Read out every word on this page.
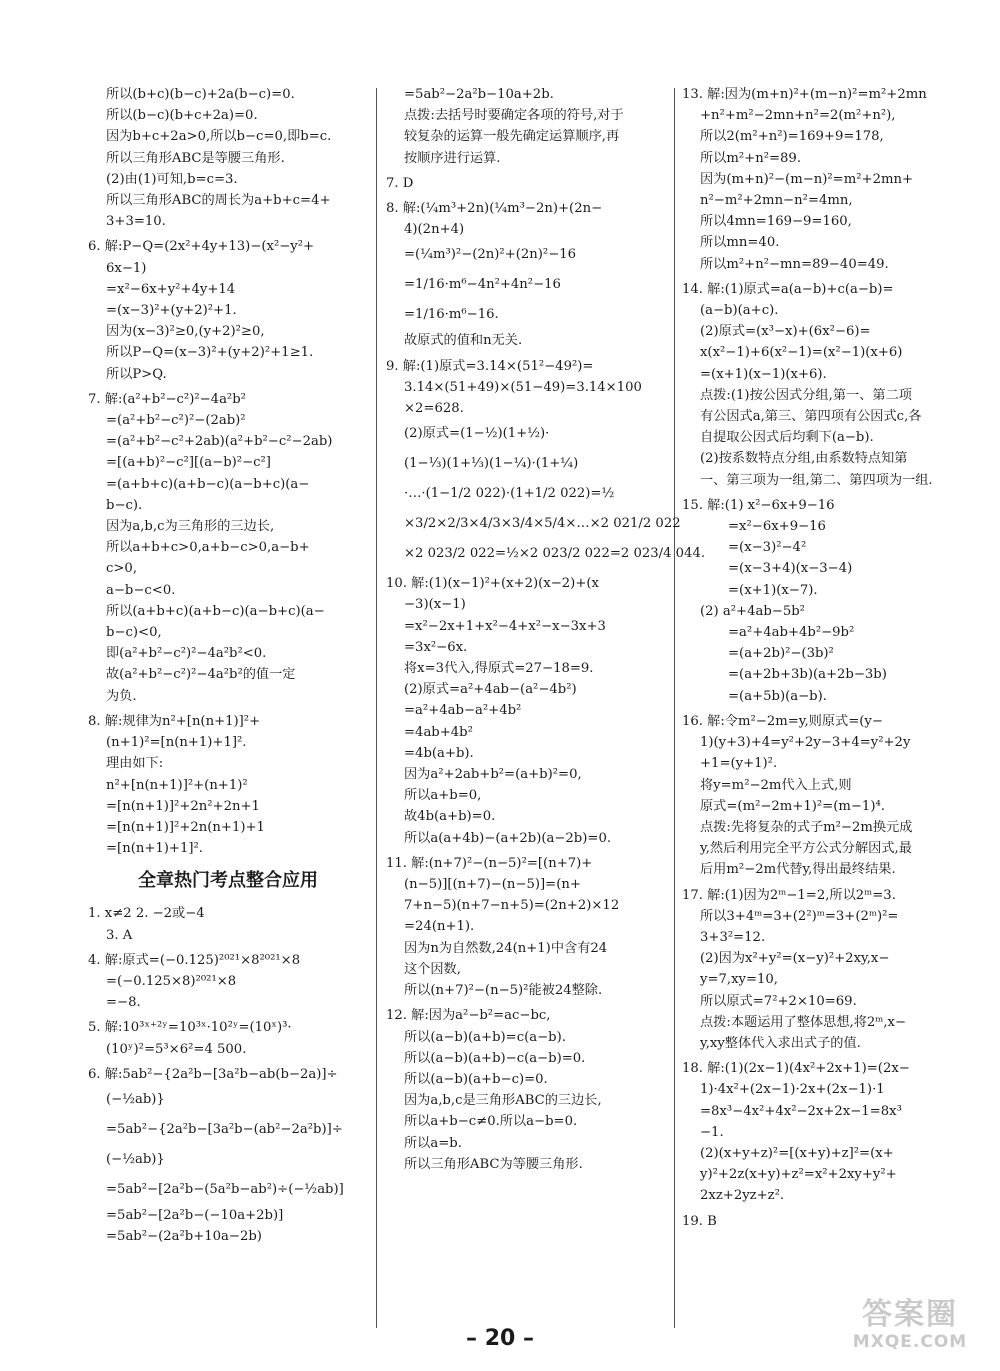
所以(b+c)(b−c)+2a(b−c)=0.
所以(b−c)(b+c+2a)=0.
因为b+c+2a>0,所以b−c=0,即b=c.
所以三角形ABC是等腰三角形.
(2)由(1)可知,b=c=3.
所以三角形ABC的周长为a+b+c=4+
3+3=10.
6. 解:P−Q=(2x²+4y+13)−(x²−y²+
6x−1)
=x²−6x+y²+4y+14
=(x−3)²+(y+2)²+1.
因为(x−3)²≥0,(y+2)²≥0,
所以P−Q=(x−3)²+(y+2)²+1≥1.
所以P>Q.
7. 解:(a²+b²−c²)²−4a²b²
=(a²+b²−c²)²−(2ab)²
=(a²+b²−c²+2ab)(a²+b²−c²−2ab)
=[(a+b)²−c²][(a−b)²−c²]
=(a+b+c)(a+b−c)(a−b+c)(a−
b−c).
因为a,b,c为三角形的三边长,
所以a+b+c>0,a+b−c>0,a−b+
c>0,
a−b−c<0.
所以(a+b+c)(a+b−c)(a−b+c)(a−
b−c)<0,
即(a²+b²−c²)²−4a²b²<0.
故(a²+b²−c²)²−4a²b²的值一定
为负.
8. 解:规律为n²+[n(n+1)]²+
(n+1)²=[n(n+1)+1]².
理由如下:
n²+[n(n+1)]²+(n+1)²
=[n(n+1)]²+2n²+2n+1
=[n(n+1)]²+2n(n+1)+1
=[n(n+1)+1]².
全章热门考点整合应用
1. x≠2 2. −2或−4
3. A
4. 解:原式=(−0.125)²⁰²¹×8²⁰²¹×8
=(−0.125×8)²⁰²¹×8
=−8.
5. 解:10³ˣ⁺²ʸ=10³ˣ·10²ʸ=(10ˣ)³·
(10ʸ)²=5³×6²=4 500.
6. 解:5ab²−{2a²b−[3a²b−ab(b−2a)]÷
(−½ab)}
=5ab²−{2a²b−[3a²b−(ab²−2a²b)]÷
(−½ab)}
=5ab²−[2a²b−(5a²b−ab²)÷(−½ab)]
=5ab²−[2a²b−(−10a+2b)]
=5ab²−(2a²b+10a−2b)
=5ab²−2a²b−10a+2b.
点拨:去括号时要确定各项的符号,对于
较复杂的运算一般先确定运算顺序,再
按顺序进行运算.
7. D
8. 解:(¼m³+2n)(¼m³−2n)+(2n−
4)(2n+4)
=(¼m³)²−(2n)²+(2n)²−16
=1/16·m⁶−4n²+4n²−16
=1/16·m⁶−16.
故原式的值和n无关.
9. 解:(1)原式=3.14×(51²−49²)=
3.14×(51+49)×(51−49)=3.14×100
×2=628.
(2)原式=(1−½)(1+½)·
(1−⅓)(1+⅓)(1−¼)·(1+¼)
·…·(1−1/2 022)·(1+1/2 022)=½
×3/2×2/3×4/3×3/4×5/4×…×2 021/2 022
×2 023/2 022=½×2 023/2 022=2 023/4 044.
10. 解:(1)(x−1)²+(x+2)(x−2)+(x
−3)(x−1)
=x²−2x+1+x²−4+x²−x−3x+3
=3x²−6x.
将x=3代入,得原式=27−18=9.
(2)原式=a²+4ab−(a²−4b²)
=a²+4ab−a²+4b²
=4ab+4b²
=4b(a+b).
因为a²+2ab+b²=(a+b)²=0,
所以a+b=0,
故4b(a+b)=0.
所以a(a+4b)−(a+2b)(a−2b)=0.
11. 解:(n+7)²−(n−5)²=[(n+7)+
(n−5)][(n+7)−(n−5)]=(n+
7+n−5)(n+7−n+5)=(2n+2)×12
=24(n+1).
因为n为自然数,24(n+1)中含有24
这个因数,
所以(n+7)²−(n−5)²能被24整除.
12. 解:因为a²−b²=ac−bc,
所以(a−b)(a+b)=c(a−b).
所以(a−b)(a+b)−c(a−b)=0.
所以(a−b)(a+b−c)=0.
因为a,b,c是三角形ABC的三边长,
所以a+b−c≠0.所以a−b=0.
所以a=b.
所以三角形ABC为等腰三角形.
13. 解:因为(m+n)²+(m−n)²=m²+2mn
+n²+m²−2mn+n²=2(m²+n²),
所以2(m²+n²)=169+9=178,
所以m²+n²=89.
因为(m+n)²−(m−n)²=m²+2mn+
n²−m²+2mn−n²=4mn,
所以4mn=169−9=160,
所以mn=40.
所以m²+n²−mn=89−40=49.
14. 解:(1)原式=a(a−b)+c(a−b)=
(a−b)(a+c).
(2)原式=(x³−x)+(6x²−6)=
x(x²−1)+6(x²−1)=(x²−1)(x+6)
=(x+1)(x−1)(x+6).
点拨:(1)按公因式分组,第一、第二项
有公因式a,第三、第四项有公因式c,各
自提取公因式后均剩下(a−b).
(2)按系数特点分组,由系数特点知第
一、第三项为一组,第二、第四项为一组.
15. 解:(1) x²−6x+9−16
=x²−6x+9−16
=(x−3)²−4²
=(x−3+4)(x−3−4)
=(x+1)(x−7).
(2) a²+4ab−5b²
=a²+4ab+4b²−9b²
=(a+2b)²−(3b)²
=(a+2b+3b)(a+2b−3b)
=(a+5b)(a−b).
16. 解:令m²−2m=y,则原式=(y−
1)(y+3)+4=y²+2y−3+4=y²+2y
+1=(y+1)².
将y=m²−2m代入上式,则
原式=(m²−2m+1)²=(m−1)⁴.
点拨:先将复杂的式子m²−2m换元成
y,然后利用完全平方公式分解因式,最
后用m²−2m代替y,得出最终结果.
17. 解:(1)因为2ᵐ−1=2,所以2ᵐ=3.
所以3+4ᵐ=3+(2²)ᵐ=3+(2ᵐ)²=
3+3²=12.
(2)因为x²+y²=(x−y)²+2xy,x−
y=7,xy=10,
所以原式=7²+2×10=69.
点拨:本题运用了整体思想,将2ᵐ,x−
y,xy整体代入求出式子的值.
18. 解:(1)(2x−1)(4x²+2x+1)=(2x−
1)·4x²+(2x−1)·2x+(2x−1)·1
=8x³−4x²+4x²−2x+2x−1=8x³
−1.
(2)(x+y+z)²=[(x+y)+z]²=(x+
y)²+2z(x+y)+z²=x²+2xy+y²+
2xz+2yz+z².
19. B
– 20 –
答案圈
MXQE.COM
